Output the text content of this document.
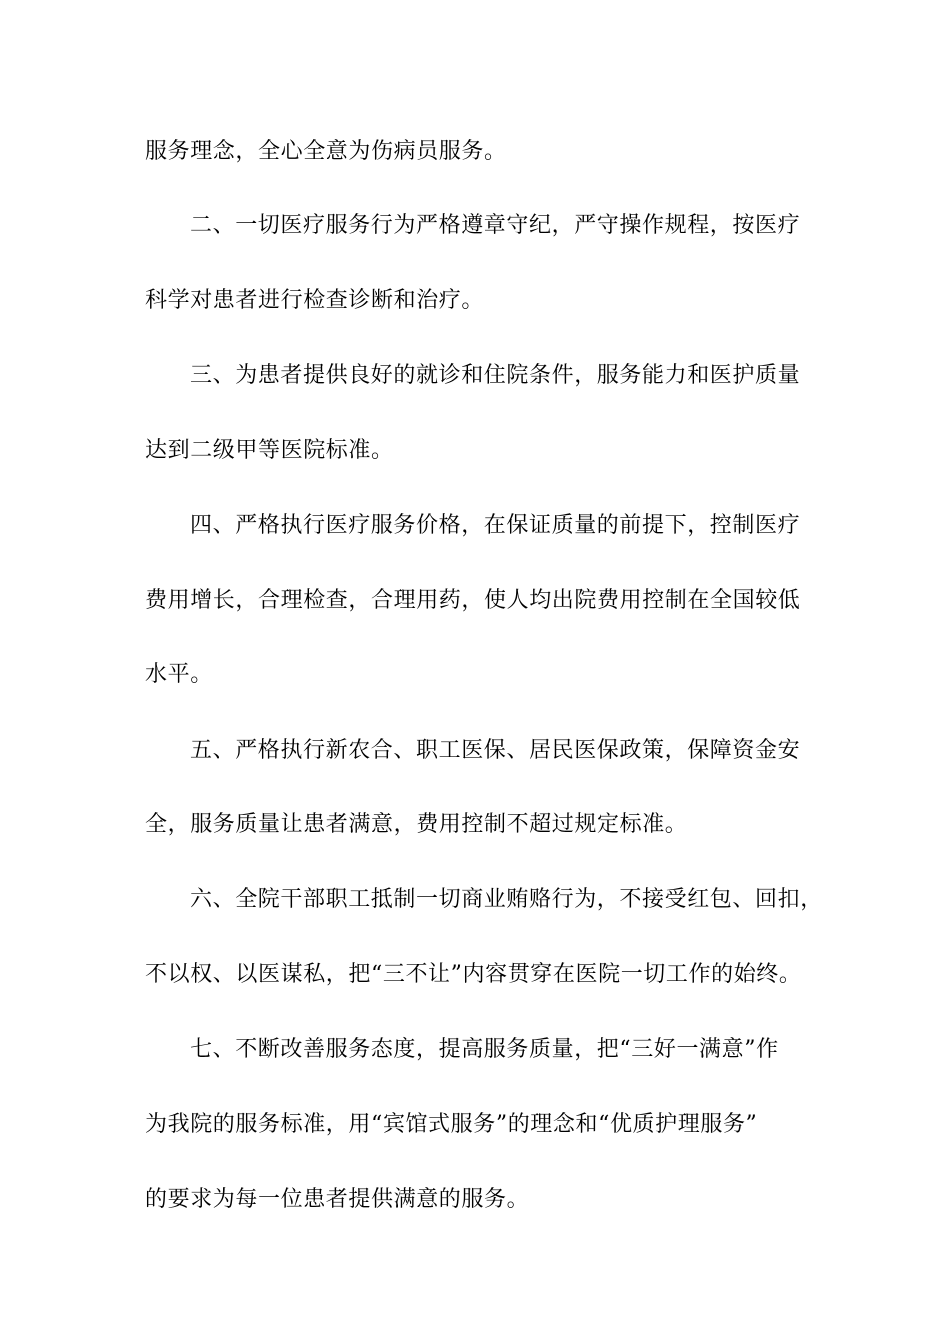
服务理念，全心全意为伤病员服务。
二、一切医疗服务行为严格遵章守纪，严守操作规程，按医疗
科学对患者进行检查诊断和治疗。
三、为患者提供良好的就诊和住院条件，服务能力和医护质量
达到二级甲等医院标准。
四、严格执行医疗服务价格，在保证质量的前提下，控制医疗
费用增长，合理检查，合理用药，使人均出院费用控制在全国较低
水平。
五、严格执行新农合、职工医保、居民医保政策，保障资金安
全，服务质量让患者满意，费用控制不超过规定标准。
六、全院干部职工抵制一切商业贿赂行为，不接受红包、回扣，
不以权、以医谋私，把“三不让”内容贯穿在医院一切工作的始终。
七、不断改善服务态度，提高服务质量，把“三好一满意”作
为我院的服务标准，用“宾馆式服务”的理念和“优质护理服务”
的要求为每一位患者提供满意的服务。
